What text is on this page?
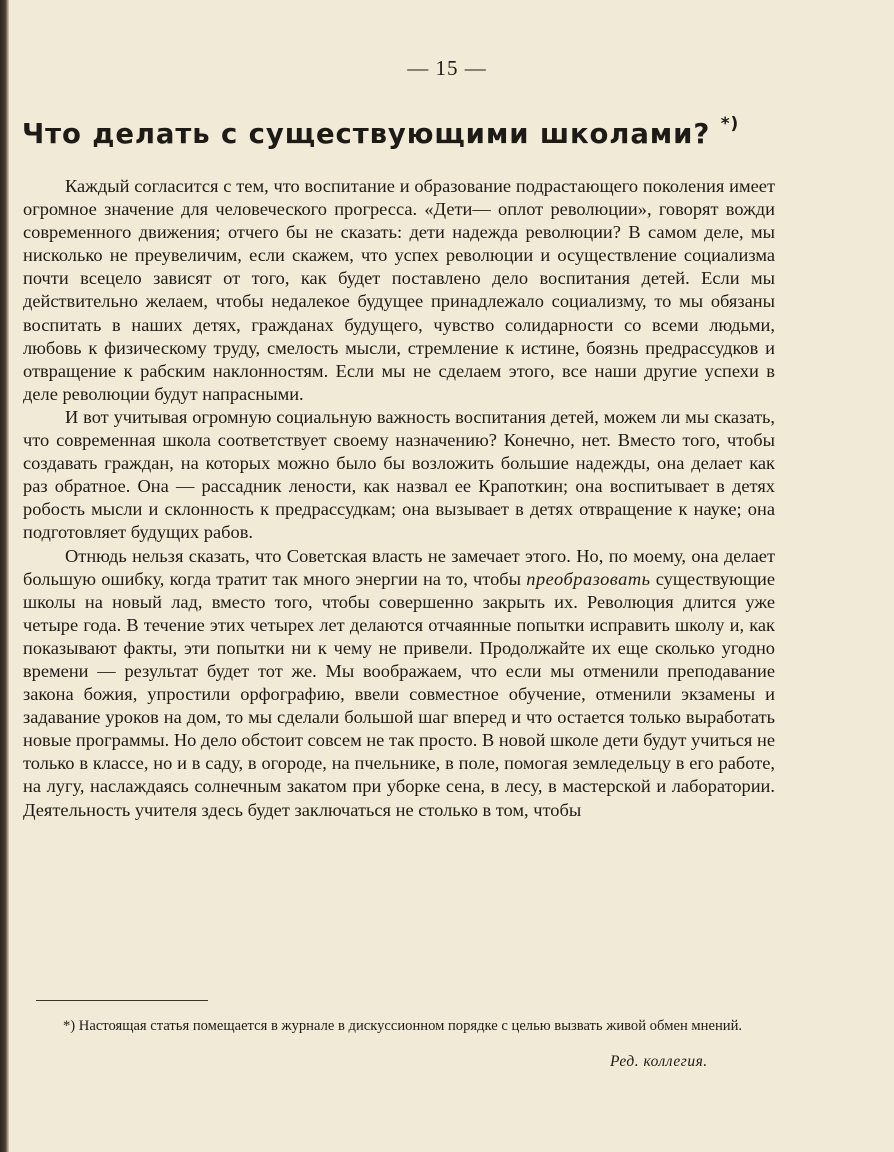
— 15 —
Что делать с существующими школами? *)

Каждый согласится с тем, что воспитание и образование подрастающего поколения имеет огромное значение для человеческого прогресса. «Дети— оплот революции», говорят вожди современного движения; отчего бы не сказать: дети надежда революции? В самом деле, мы нисколько не преувеличим, если скажем, что успех революции и осуществление социализма почти всецело зависят от того, как будет поставлено дело воспитания детей. Если мы действительно желаем, чтобы недалекое будущее принадлежало социализму, то мы обязаны воспитать в наших детях, гражданах будущего, чувство солидарности со всеми людьми, любовь к физическому труду, смелость мысли, стремление к истине, боязнь предрассудков и отвращение к рабским наклонностям. Если мы не сделаем этого, все наши другие успехи в деле революции будут напрасными.

И вот учитывая огромную социальную важность воспитания детей, можем ли мы сказать, что современная школа соответствует своему назначению? Конечно, нет. Вместо того, чтобы создавать граждан, на которых можно было бы возложить большие надежды, она делает как раз обратное. Она — рассадник лености, как назвал ее Крапоткин; она воспитывает в детях робость мысли и склонность к предрассудкам; она вызывает в детях отвращение к науке; она подготовляет будущих рабов.

Отнюдь нельзя сказать, что Советская власть не замечает этого. Но, по моему, она делает большую ошибку, когда тратит так много энергии на то, чтобы преобразовать существующие школы на новый лад, вместо того, чтобы совершенно закрыть их. Революция длится уже четыре года. В течение этих четырех лет делаются отчаянные попытки исправить школу и, как показывают факты, эти попытки ни к чему не привели. Продолжайте их еще сколько угодно времени — результат будет тот же. Мы воображаем, что если мы отменили преподавание закона божия, упростили орфографию, ввели совместное обучение, отменили экзамены и задавание уроков на дом, то мы сделали большой шаг вперед и что остается только выработать новые программы. Но дело обстоит совсем не так просто. В новой школе дети будут учиться не только в классе, но и в саду, в огороде, на пчельнике, в поле, помогая земледельцу в его работе, на лугу, наслаждаясь солнечным закатом при уборке сена, в лесу, в мастерской и лаборатории. Деятельность учителя здесь будет заключаться не столько в том, чтобы

*) Настоящая статья помещается в журнале в дискуссионном порядке с целью вызвать живой обмен мнений.

Ред. коллегия.
